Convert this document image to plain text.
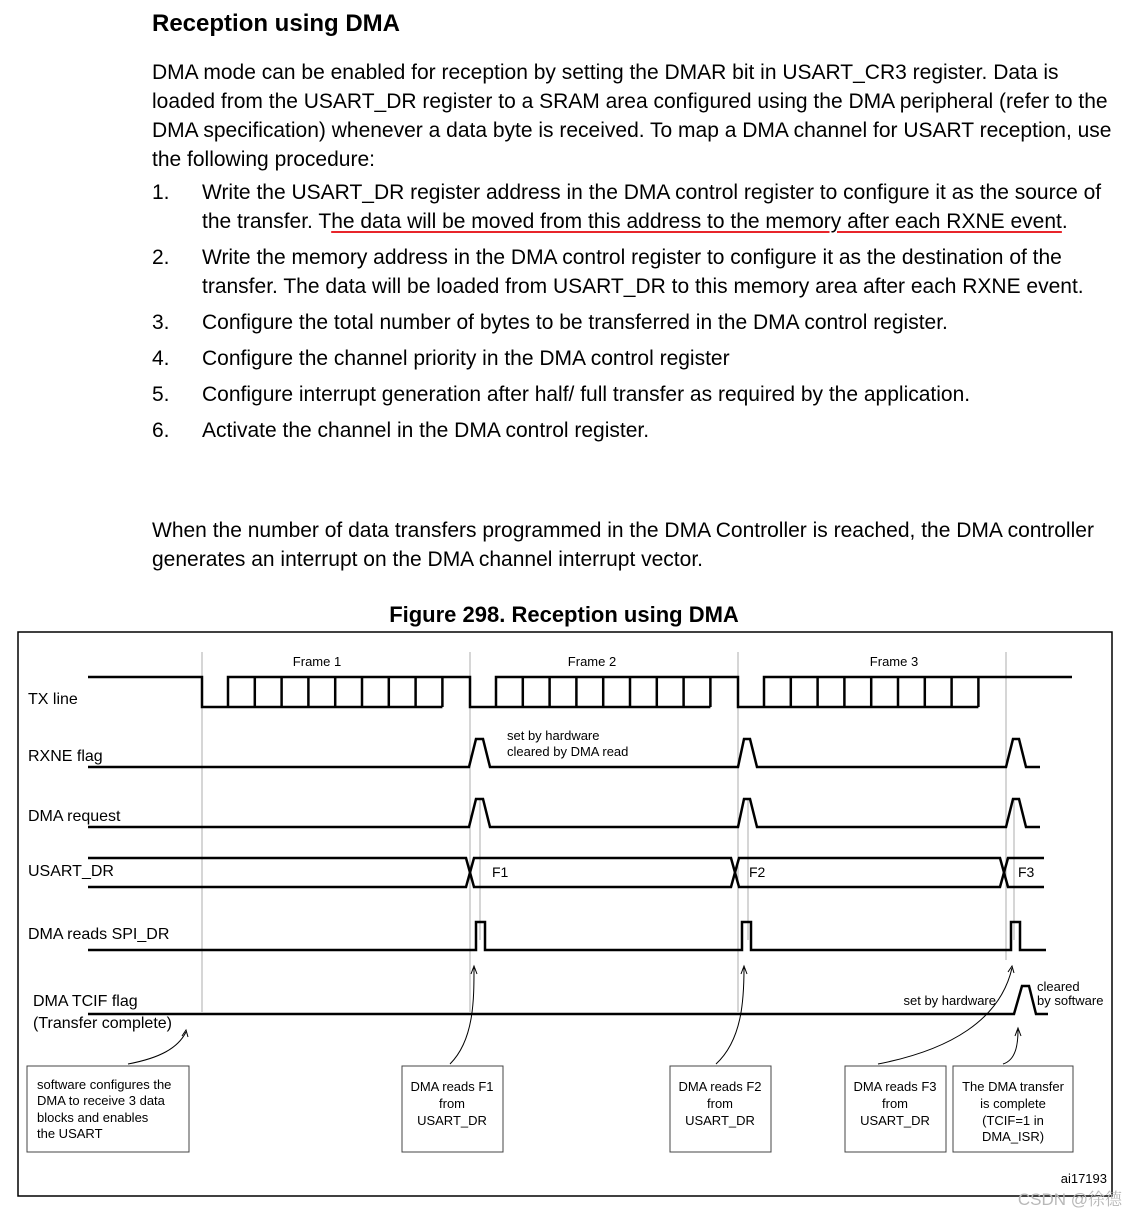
Reception using DMA

DMA mode can be enabled for reception by setting the DMAR bit in USART_CR3 register. Data is loaded from the USART_DR register to a SRAM area configured using the DMA peripheral (refer to the DMA specification) whenever a data byte is received. To map a DMA channel for USART reception, use the following procedure:

1.	Write the USART_DR register address in the DMA control register to configure it as the source of the transfer. The data will be moved from this address to the memory after each RXNE event.
2.	Write the memory address in the DMA control register to configure it as the destination of the transfer. The data will be loaded from USART_DR to this memory area after each RXNE event.
3.	Configure the total number of bytes to be transferred in the DMA control register.
4.	Configure the channel priority in the DMA control register
5.	Configure interrupt generation after half/ full transfer as required by the application.
6.	Activate the channel in the DMA control register.

When the number of data transfers programmed in the DMA Controller is reached, the DMA controller generates an interrupt on the DMA channel interrupt vector.

Figure 298. Reception using DMA
Frame 1	Frame 2	Frame 3
TX line
RXNE flag
DMA request
USART_DR
DMA reads SPI_DR
DMA TCIF flag
(Transfer complete)
set by hardware
cleared by DMA read
F1	F2	F3
set by hardware
cleared
by software
software configures the
DMA to receive 3 data
blocks and enables
the USART
DMA reads F1
from
USART_DR
DMA reads F2
from
USART_DR
DMA reads F3
from
USART_DR
The DMA transfer
is complete
(TCIF=1 in
DMA_ISR)
ai17193
CSDN @徐德
